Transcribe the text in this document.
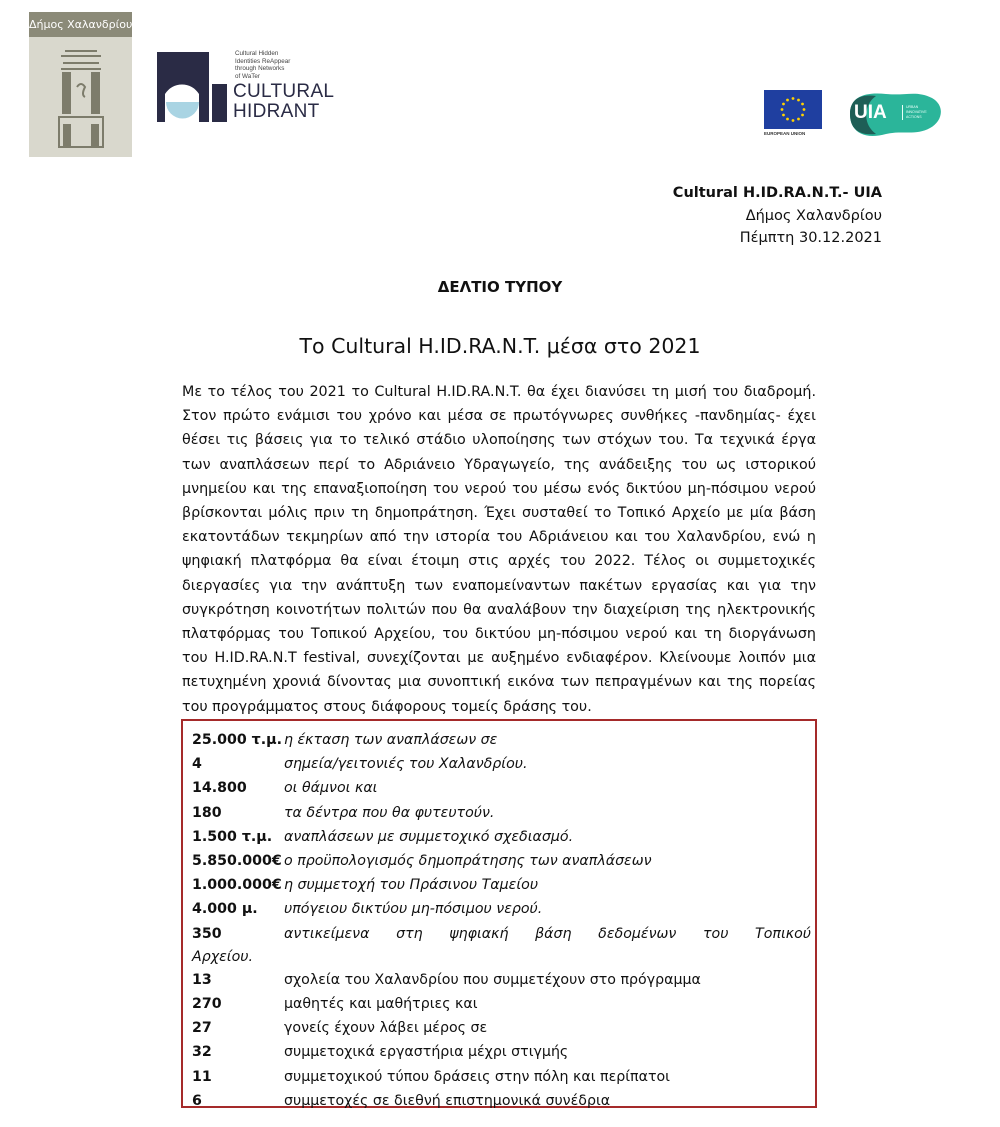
Δήμος Χαλανδρίου
Cultural Hidden
Identities ReAppear
through Networks
of WaTer
CULTURAL
HIDRANT
EUROPEAN UNION
UIA	URBAN
INNOVATIVE
ACTIONS
Cultural H.ID.RA.N.T.- UIA
Δήμος Χαλανδρίου
Πέμπτη 30.12.2021
ΔΕΛΤΙΟ ΤΥΠΟΥ
Το Cultural H.ID.RA.N.T. μέσα στο 2021
Με το τέλος του 2021 το Cultural H.ID.RA.N.T. θα έχει διανύσει τη μισή του διαδρομή. Στον πρώτο ενάμισι του χρόνο και μέσα σε πρωτόγνωρες συνθήκες -πανδημίας- έχει θέσει τις βάσεις για το τελικό στάδιο υλοποίησης των στόχων του. Τα τεχνικά έργα των αναπλάσεων περί το Αδριάνειο Υδραγωγείο, της ανάδειξης του ως ιστορικού μνημείου και της επαναξιοποίηση του νερού του μέσω ενός δικτύου μη-πόσιμου νερού βρίσκονται μόλις πριν τη δημοπράτηση. Έχει συσταθεί το Τοπικό Αρχείο με μία βάση εκατοντάδων τεκμηρίων από την ιστορία του Αδριάνειου και του Χαλανδρίου, ενώ η ψηφιακή πλατφόρμα θα είναι έτοιμη στις αρχές του 2022. Τέλος οι συμμετοχικές διεργασίες για την ανάπτυξη των εναπομείναντων πακέτων εργασίας και για την συγκρότηση κοινοτήτων πολιτών που θα αναλάβουν την διαχείριση της ηλεκτρονικής πλατφόρμας του Τοπικού Αρχείου, του δικτύου μη-πόσιμου νερού και τη διοργάνωση του H.ID.RA.N.T festival, συνεχίζονται με αυξημένο ενδιαφέρον. Κλείνουμε λοιπόν μια πετυχημένη χρονιά δίνοντας μια συνοπτική εικόνα των πεπραγμένων και της πορείας του προγράμματος στους διάφορους τομείς δράσης του.
25.000 τ.μ. η έκταση των αναπλάσεων σε
4	σημεία/γειτονιές του Χαλανδρίου.
14.800	οι θάμνοι και
180	τα δέντρα που θα φυτευτούν.
1.500 τ.μ. αναπλάσεων με συμμετοχικό σχεδιασμό.
5.850.000€ ο προϋπολογισμός δημοπράτησης των αναπλάσεων
1.000.000€ η συμμετοχή του Πράσινου Ταμείου
4.000 μ.	υπόγειου δικτύου μη-πόσιμου νερού.
350	αντικείμενα στη ψηφιακή βάση δεδομένων του Τοπικού
Αρχείου.
13	σχολεία του Χαλανδρίου που συμμετέχουν στο πρόγραμμα
270	μαθητές και μαθήτριες και
27	γονείς έχουν λάβει μέρος σε
32	συμμετοχικά εργαστήρια μέχρι στιγμής
11	συμμετοχικού τύπου δράσεις στην πόλη και περίπατοι
6	συμμετοχές σε διεθνή επιστημονικά συνέδρια
